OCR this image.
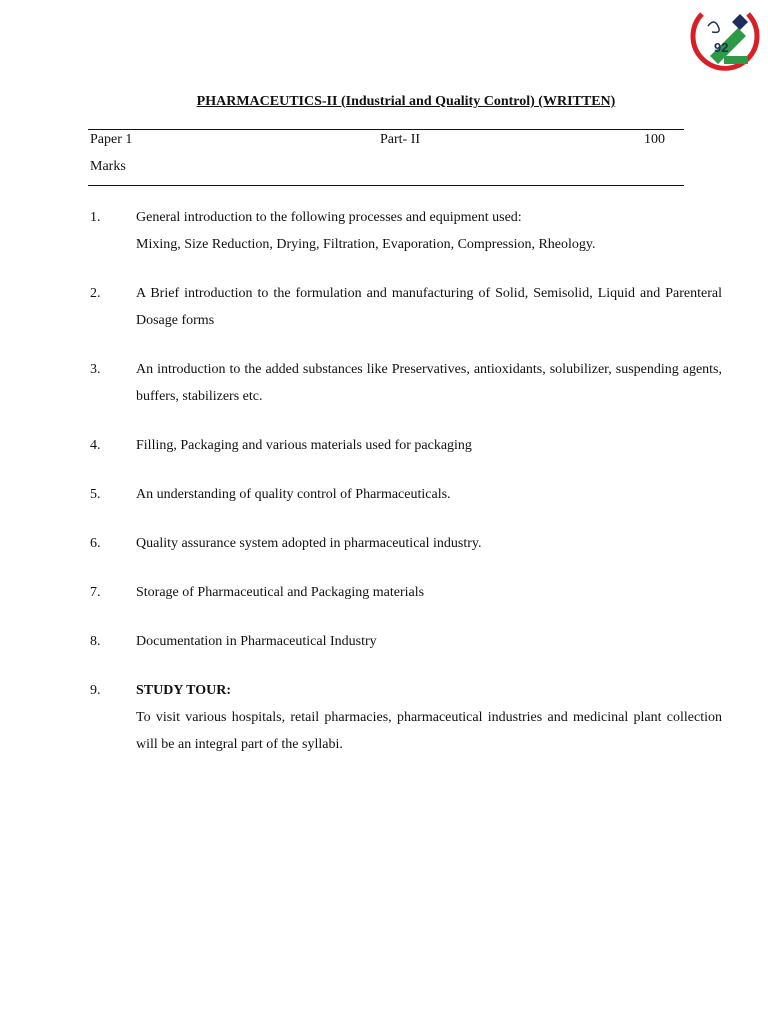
92
PHARMACEUTICS-II (Industrial and Quality Control) (WRITTEN)
Paper 1	Part- II	100
Marks
1.	General introduction to the following processes and equipment used:
Mixing, Size Reduction, Drying, Filtration, Evaporation, Compression, Rheology.
2.	A Brief introduction to the formulation and manufacturing of Solid, Semisolid, Liquid and Parenteral Dosage forms
3.	An introduction to the added substances like Preservatives, antioxidants, solubilizer, suspending agents, buffers, stabilizers etc.
4.	Filling, Packaging and various materials used for packaging
5.	An understanding of quality control of Pharmaceuticals.
6.	Quality assurance system adopted in pharmaceutical industry.
7.	Storage of Pharmaceutical and Packaging materials
8.	Documentation in Pharmaceutical Industry
9.	STUDY TOUR:
To visit various hospitals, retail pharmacies, pharmaceutical industries and medicinal plant collection will be an integral part of the syllabi.
